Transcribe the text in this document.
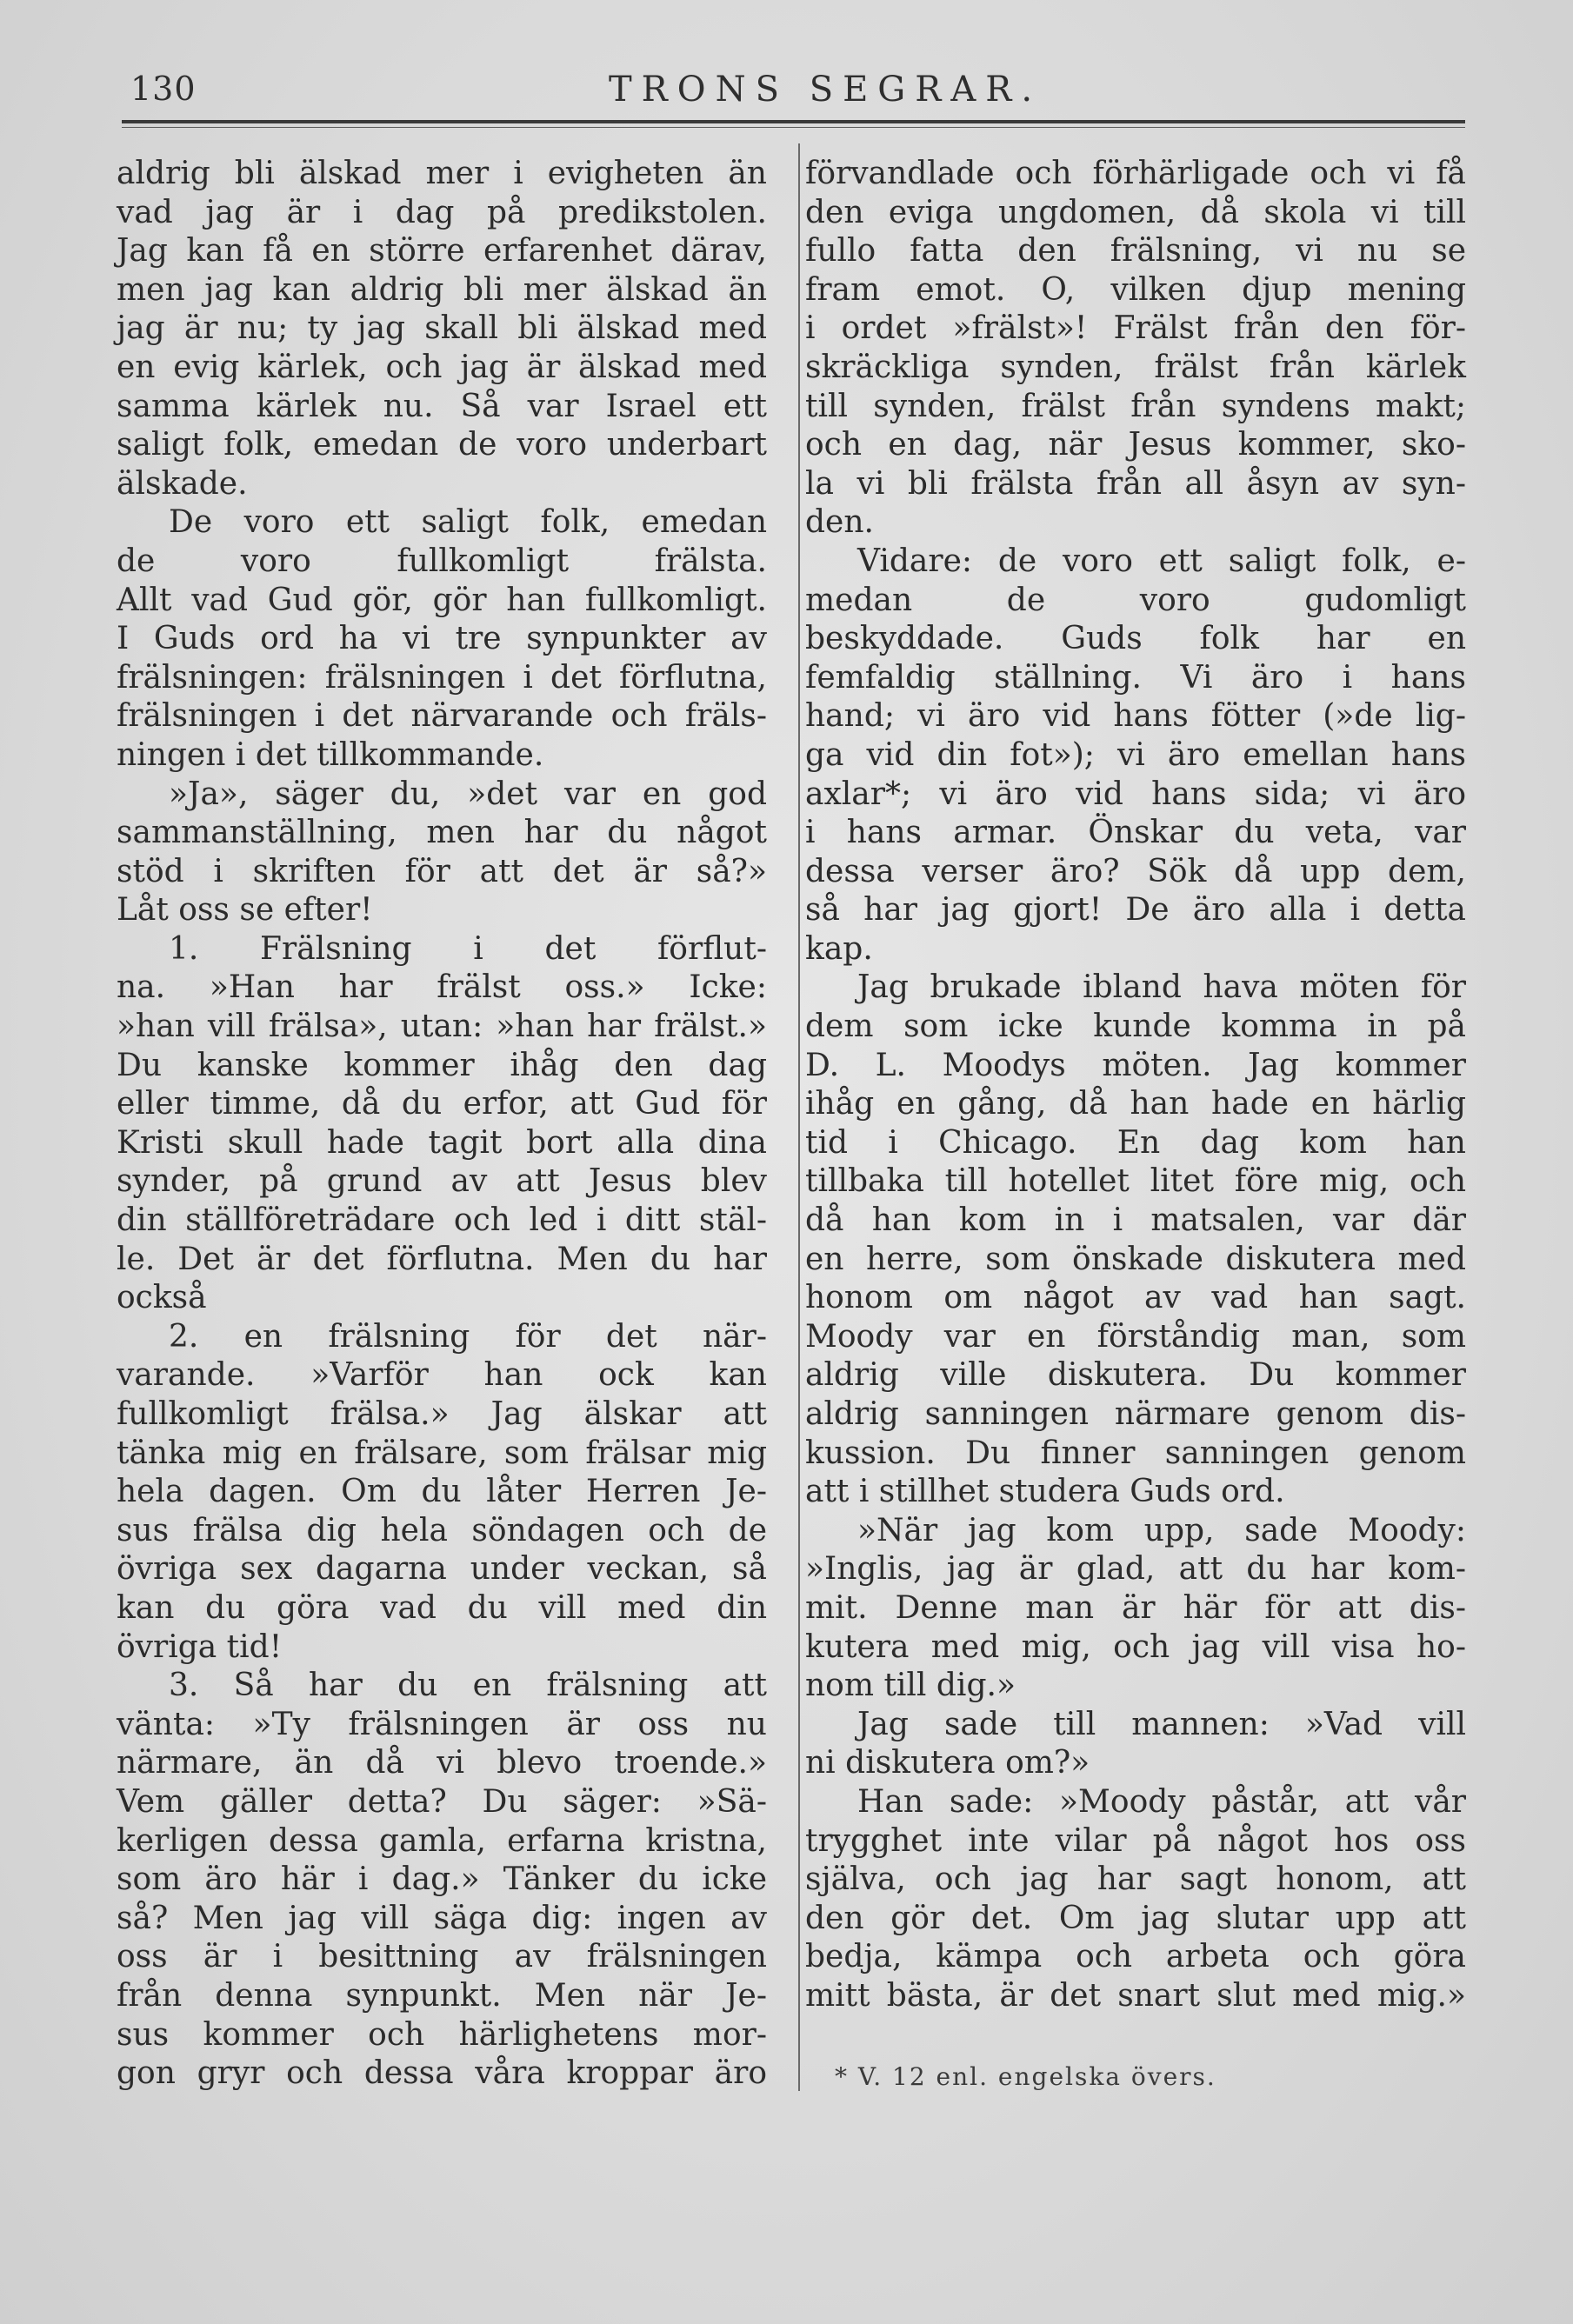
130	TRONS SEGRAR.
aldrig bli älskad mer i evigheten än
vad jag är i dag på predikstolen.
Jag kan få en större erfarenhet därav,
men jag kan aldrig bli mer älskad än
jag är nu; ty jag skall bli älskad med
en evig kärlek, och jag är älskad med
samma kärlek nu. Så var Israel ett
saligt folk, emedan de voro underbart
älskade.
De voro ett saligt folk, emedan
de voro fullkomligt frälsta.
Allt vad Gud gör, gör han fullkomligt.
I Guds ord ha vi tre synpunkter av
frälsningen: frälsningen i det förflutna,
frälsningen i det närvarande och fräls-
ningen i det tillkommande.
»Ja», säger du, »det var en god
sammanställning, men har du något
stöd i skriften för att det är så?»
Låt oss se efter!
1. Frälsning i det förflut-
na. »Han har frälst oss.» Icke:
»han vill frälsa», utan: »han har frälst.»
Du kanske kommer ihåg den dag
eller timme, då du erfor, att Gud för
Kristi skull hade tagit bort alla dina
synder, på grund av att Jesus blev
din ställföreträdare och led i ditt stäl-
le. Det är det förflutna. Men du har
också
2. en frälsning för det när-
varande. »Varför han ock kan
fullkomligt frälsa.» Jag älskar att
tänka mig en frälsare, som frälsar mig
hela dagen. Om du låter Herren Je-
sus frälsa dig hela söndagen och de
övriga sex dagarna under veckan, så
kan du göra vad du vill med din
övriga tid!
3. Så har du en frälsning att
vänta: »Ty frälsningen är oss nu
närmare, än då vi blevo troende.»
Vem gäller detta? Du säger: »Sä-
kerligen dessa gamla, erfarna kristna,
som äro här i dag.» Tänker du icke
så? Men jag vill säga dig: ingen av
oss är i besittning av frälsningen
från denna synpunkt. Men när Je-
sus kommer och härlighetens mor-
gon gryr och dessa våra kroppar äro
förvandlade och förhärligade och vi få
den eviga ungdomen, då skola vi till
fullo fatta den frälsning, vi nu se
fram emot. O, vilken djup mening
i ordet »frälst»! Frälst från den för-
skräckliga synden, frälst från kärlek
till synden, frälst från syndens makt;
och en dag, när Jesus kommer, sko-
la vi bli frälsta från all åsyn av syn-
den.
Vidare: de voro ett saligt folk, e-
medan de voro gudomligt
beskyddade. Guds folk har en
femfaldig ställning. Vi äro i hans
hand; vi äro vid hans fötter (»de lig-
ga vid din fot»); vi äro emellan hans
axlar*; vi äro vid hans sida; vi äro
i hans armar. Önskar du veta, var
dessa verser äro? Sök då upp dem,
så har jag gjort! De äro alla i detta
kap.
Jag brukade ibland hava möten för
dem som icke kunde komma in på
D. L. Moodys möten. Jag kommer
ihåg en gång, då han hade en härlig
tid i Chicago. En dag kom han
tillbaka till hotellet litet före mig, och
då han kom in i matsalen, var där
en herre, som önskade diskutera med
honom om något av vad han sagt.
Moody var en förståndig man, som
aldrig ville diskutera. Du kommer
aldrig sanningen närmare genom dis-
kussion. Du finner sanningen genom
att i stillhet studera Guds ord.
»När jag kom upp, sade Moody:
»Inglis, jag är glad, att du har kom-
mit. Denne man är här för att dis-
kutera med mig, och jag vill visa ho-
nom till dig.»
Jag sade till mannen: »Vad vill
ni diskutera om?»
Han sade: »Moody påstår, att vår
trygghet inte vilar på något hos oss
själva, och jag har sagt honom, att
den gör det. Om jag slutar upp att
bedja, kämpa och arbeta och göra
mitt bästa, är det snart slut med mig.»
* V. 12 enl. engelska övers.
